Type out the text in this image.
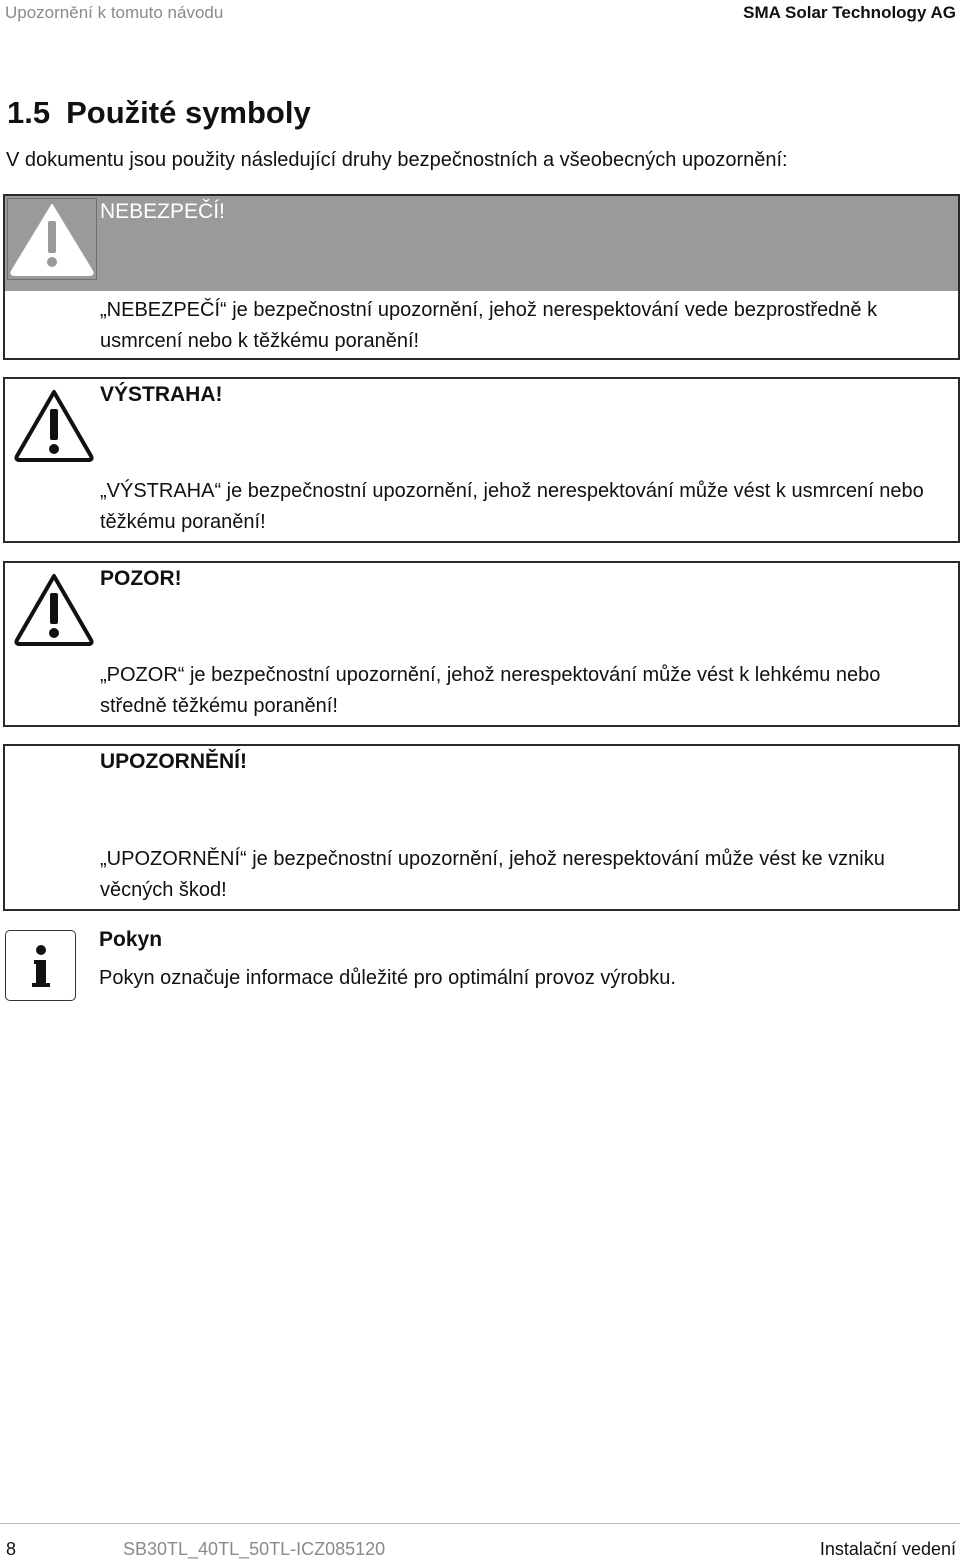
Upozornění k tomuto návodu	SMA Solar Technology AG
1.5 Použité symboly
V dokumentu jsou použity následující druhy bezpečnostních a všeobecných upozornění:
NEBEZPEČÍ!
„NEBEZPEČÍ“ je bezpečnostní upozornění, jehož nerespektování vede bezprostředně k usmrcení nebo k těžkému poranění!
VÝSTRAHA!
„VÝSTRAHA“ je bezpečnostní upozornění, jehož nerespektování může vést k usmrcení nebo těžkému poranění!
POZOR!
„POZOR“ je bezpečnostní upozornění, jehož nerespektování může vést k lehkému nebo středně těžkému poranění!
UPOZORNĚNÍ!
„UPOZORNĚNÍ“ je bezpečnostní upozornění, jehož nerespektování může vést ke vzniku věcných škod!
Pokyn
Pokyn označuje informace důležité pro optimální provoz výrobku.
8	SB30TL_40TL_50TL-ICZ085120	Instalační vedení
